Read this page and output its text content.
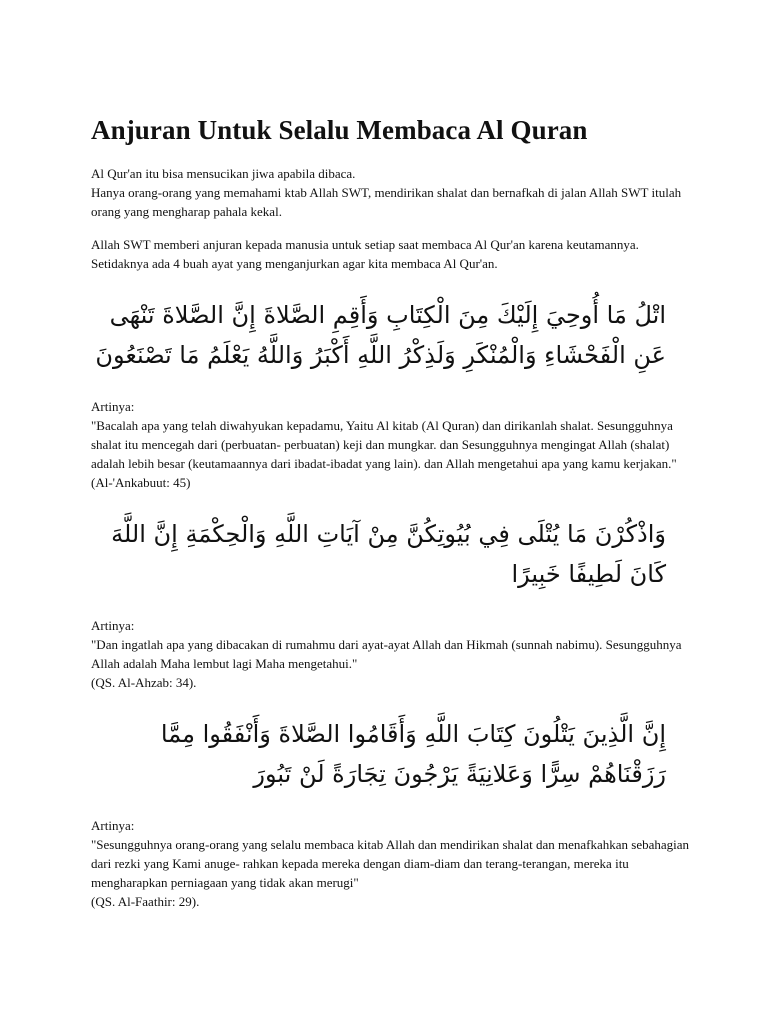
Anjuran Untuk Selalu Membaca Al Quran

Al Qur'an itu bisa mensucikan jiwa apabila dibaca.

Hanya orang-orang yang memahami ktab Allah SWT, mendirikan shalat dan bernafkah di jalan Allah SWT itulah orang yang mengharap pahala kekal.

Allah SWT memberi anjuran kepada manusia untuk setiap saat membaca Al Qur'an karena keutamannya. Setidaknya ada 4 buah ayat yang menganjurkan agar kita membaca Al Qur'an.

اتْلُ مَا أُوحِيَ إِلَيْكَ مِنَ الْكِتَابِ وَأَقِمِ الصَّلاةَ إِنَّ الصَّلاةَ تَنْهَى عَنِ الْفَحْشَاءِ وَالْمُنْكَرِ وَلَذِكْرُ اللَّهِ أَكْبَرُ وَاللَّهُ يَعْلَمُ مَا تَصْنَعُونَ

Artinya:

"Bacalah apa yang telah diwahyukan kepadamu, Yaitu Al kitab (Al Quran) dan dirikanlah shalat. Sesungguhnya shalat itu mencegah dari (perbuatan- perbuatan) keji dan mungkar. dan Sesungguhnya mengingat Allah (shalat) adalah lebih besar (keutamaannya dari ibadat-ibadat yang lain). dan Allah mengetahui apa yang kamu kerjakan."

(Al-'Ankabuut: 45)

وَاذْكُرْنَ مَا يُتْلَى فِي بُيُوتِكُنَّ مِنْ آيَاتِ اللَّهِ وَالْحِكْمَةِ إِنَّ اللَّهَ كَانَ لَطِيفًا خَبِيرًا

Artinya:

"Dan ingatlah apa yang dibacakan di rumahmu dari ayat-ayat Allah dan Hikmah (sunnah nabimu). Sesungguhnya Allah adalah Maha lembut lagi Maha mengetahui."

(QS. Al-Ahzab: 34).

إِنَّ الَّذِينَ يَتْلُونَ كِتَابَ اللَّهِ وَأَقَامُوا الصَّلاةَ وَأَنْفَقُوا مِمَّا رَزَقْنَاهُمْ سِرًّا وَعَلانِيَةً يَرْجُونَ تِجَارَةً لَنْ تَبُورَ

Artinya:

"Sesungguhnya orang-orang yang selalu membaca kitab Allah dan mendirikan shalat dan menafkahkan sebahagian dari rezki yang Kami anuge- rahkan kepada mereka dengan diam-diam dan terang-terangan, mereka itu mengharapkan perniagaan yang tidak akan merugi"

(QS. Al-Faathir: 29).
